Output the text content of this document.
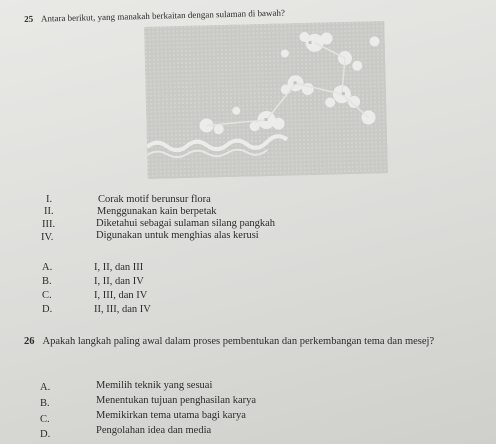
25 Antara berikut, yang manakah berkaitan dengan sulaman di bawah?
I.	Corak motif berunsur flora
II.	Menggunakan kain berpetak
III.	Diketahui sebagai sulaman silang pangkah
IV.	Digunakan untuk menghias alas kerusi
A.	I, II, dan III
B.	I, II, dan IV
C.	I, III, dan IV
D.	II, III, dan IV
26 Apakah langkah paling awal dalam proses pembentukan dan perkembangan tema dan mesej?
A.	Memilih teknik yang sesuai
B.	Menentukan tujuan penghasilan karya
C.	Memikirkan tema utama bagi karya
D.	Pengolahan idea dan media
